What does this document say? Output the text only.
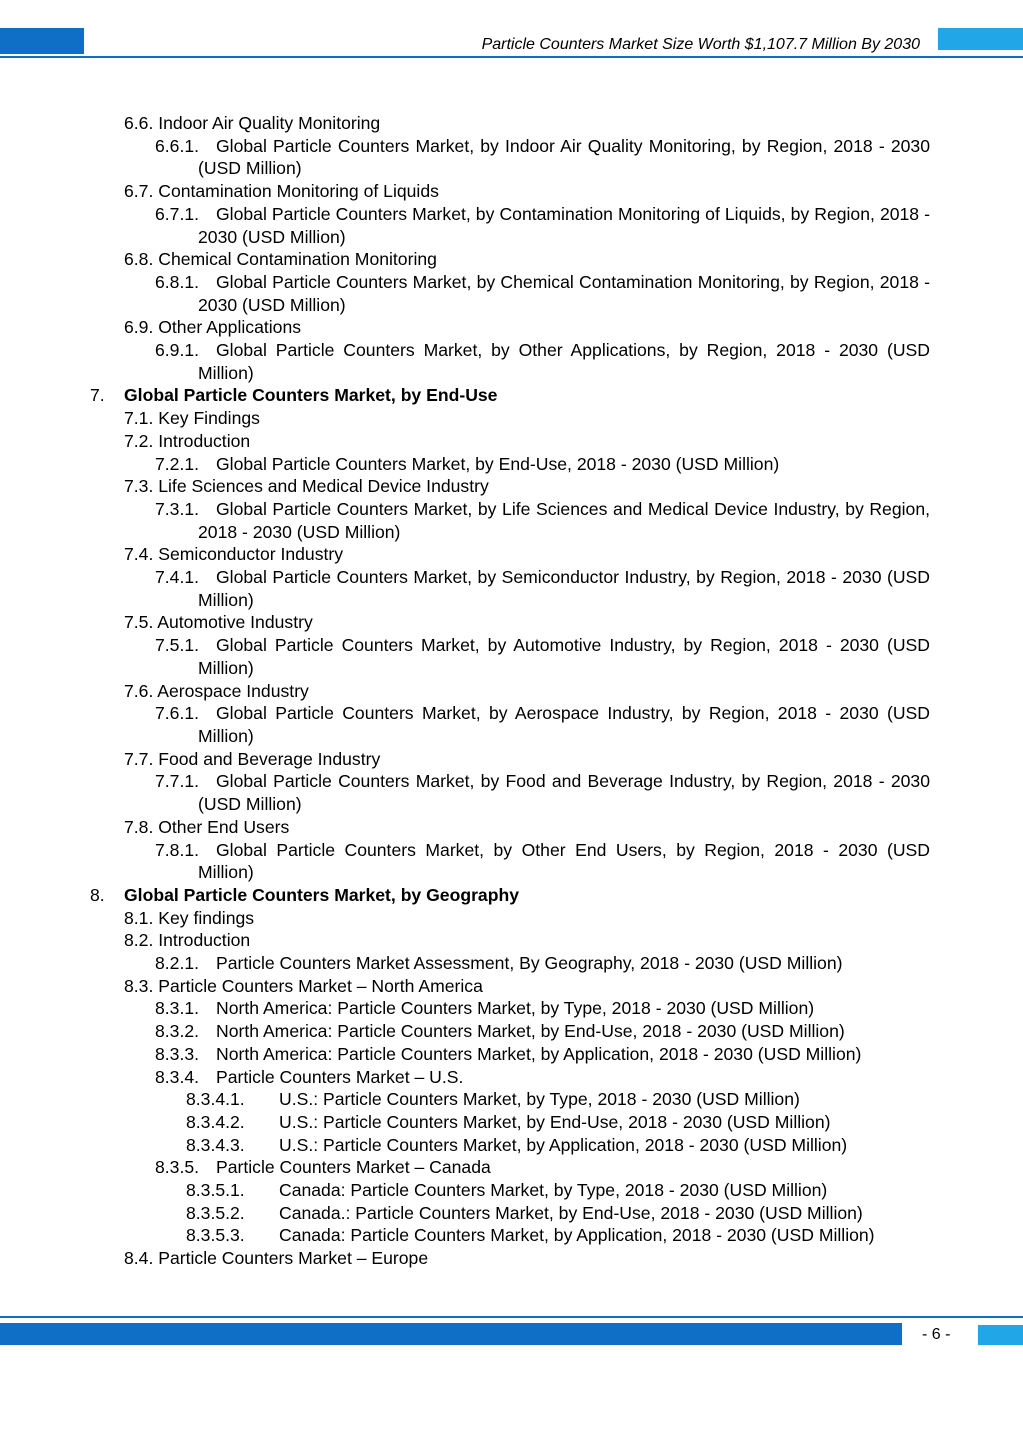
Particle Counters Market Size Worth $1,107.7 Million By 2030
6.6. Indoor Air Quality Monitoring
6.6.1. Global Particle Counters Market, by Indoor Air Quality Monitoring, by Region, 2018 - 2030 (USD Million)
6.7. Contamination Monitoring of Liquids
6.7.1. Global Particle Counters Market, by Contamination Monitoring of Liquids, by Region, 2018 - 2030 (USD Million)
6.8. Chemical Contamination Monitoring
6.8.1. Global Particle Counters Market, by Chemical Contamination Monitoring, by Region, 2018 - 2030 (USD Million)
6.9. Other Applications
6.9.1. Global Particle Counters Market, by Other Applications, by Region, 2018 - 2030 (USD Million)
7. Global Particle Counters Market, by End-Use
7.1. Key Findings
7.2. Introduction
7.2.1. Global Particle Counters Market, by End-Use, 2018 - 2030 (USD Million)
7.3. Life Sciences and Medical Device Industry
7.3.1. Global Particle Counters Market, by Life Sciences and Medical Device Industry, by Region, 2018 - 2030 (USD Million)
7.4. Semiconductor Industry
7.4.1. Global Particle Counters Market, by Semiconductor Industry, by Region, 2018 - 2030 (USD Million)
7.5. Automotive Industry
7.5.1. Global Particle Counters Market, by Automotive Industry, by Region, 2018 - 2030 (USD Million)
7.6. Aerospace Industry
7.6.1. Global Particle Counters Market, by Aerospace Industry, by Region, 2018 - 2030 (USD Million)
7.7. Food and Beverage Industry
7.7.1. Global Particle Counters Market, by Food and Beverage Industry, by Region, 2018 - 2030 (USD Million)
7.8. Other End Users
7.8.1. Global Particle Counters Market, by Other End Users, by Region, 2018 - 2030 (USD Million)
8. Global Particle Counters Market, by Geography
8.1. Key findings
8.2. Introduction
8.2.1. Particle Counters Market Assessment, By Geography, 2018 - 2030 (USD Million)
8.3. Particle Counters Market – North America
8.3.1. North America: Particle Counters Market, by Type, 2018 - 2030 (USD Million)
8.3.2. North America: Particle Counters Market, by End-Use, 2018 - 2030 (USD Million)
8.3.3. North America: Particle Counters Market, by Application, 2018 - 2030 (USD Million)
8.3.4. Particle Counters Market – U.S.
8.3.4.1.	U.S.: Particle Counters Market, by Type, 2018 - 2030 (USD Million)
8.3.4.2.	U.S.: Particle Counters Market, by End-Use, 2018 - 2030 (USD Million)
8.3.4.3.	U.S.: Particle Counters Market, by Application, 2018 - 2030 (USD Million)
8.3.5. Particle Counters Market – Canada
8.3.5.1.	Canada: Particle Counters Market, by Type, 2018 - 2030 (USD Million)
8.3.5.2.	Canada.: Particle Counters Market, by End-Use, 2018 - 2030 (USD Million)
8.3.5.3.	Canada: Particle Counters Market, by Application, 2018 - 2030 (USD Million)
8.4. Particle Counters Market – Europe
- 6 -
